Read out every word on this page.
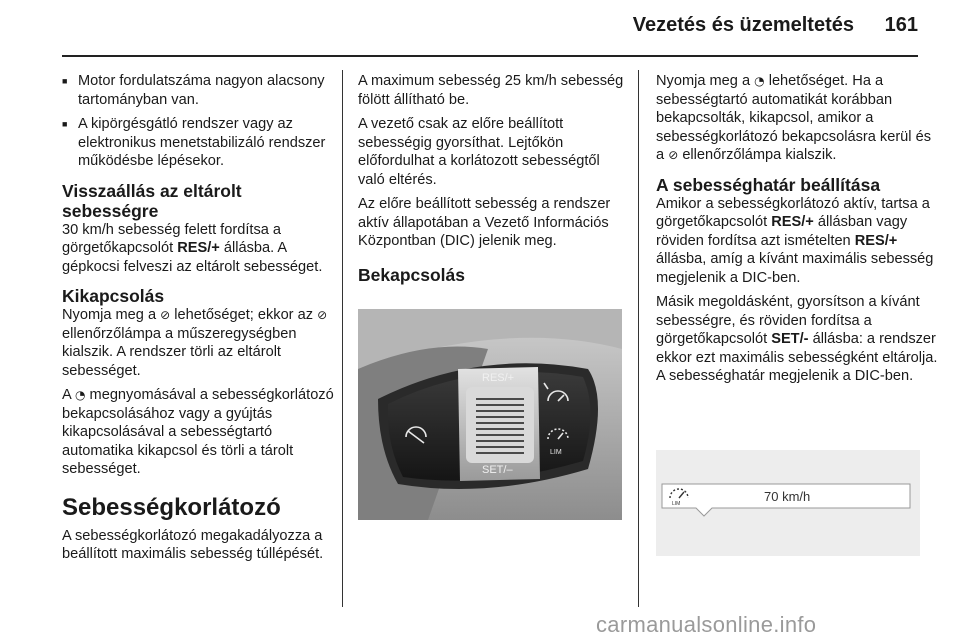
Vezetés és üzemeltetés 161
■ Motor fordulatszáma nagyon alacsony tartományban van.
■ A kipörgésgátló rendszer vagy az elektronikus menetstabilizáló rendszer működésbe lépésekor.
Visszaállás az eltárolt sebességre

30 km/h sebesség felett fordítsa a görgetőkapcsolót RES/+ állásba. A gépkocsi felveszi az eltárolt sebességet.

Kikapcsolás

Nyomja meg a ⊘ lehetőséget; ekkor az ⊘ ellenőrzőlámpa a műszeregységben kialszik. A rendszer törli az eltárolt sebességet.

A ◔ megnyomásával a sebességkorlátozó bekapcsolásához vagy a gyújtás kikapcsolásával a sebességtartó automatika kikapcsol és törli a tárolt sebességet.

Sebességkorlátozó

A sebességkorlátozó megakadályozza a beállított maximális sebesség túllépését.

A maximum sebesség 25 km/h sebesség fölött állítható be.

A vezető csak az előre beállított sebességig gyorsíthat. Lejtőkön előfordulhat a korlátozott sebességtől való eltérés.

Az előre beállított sebesség a rendszer aktív állapotában a Vezető Információs Központban (DIC) jelenik meg.

Bekapcsolás
RES/+
SET/–
LIM

Nyomja meg a ◔ lehetőséget. Ha a sebességtartó automatikát korábban bekapcsolták, kikapcsol, amikor a sebességkorlátozó bekapcsolásra kerül és a ⊘ ellenőrzőlámpa kialszik.

A sebességhatár beállítása

Amikor a sebességkorlátozó aktív, tartsa a görgetőkapcsolót RES/+ állásban vagy röviden fordítsa azt ismételten RES/+ állásba, amíg a kívánt maximális sebesség megjelenik a DIC-ben.

Másik megoldásként, gyorsítson a kívánt sebességre, és röviden fordítsa a görgetőkapcsolót SET/- állásba: a rendszer ekkor ezt maximális sebességként eltárolja. A sebességhatár megjelenik a DIC-ben.

LIM	70 km/h
carmanualsonline.info
